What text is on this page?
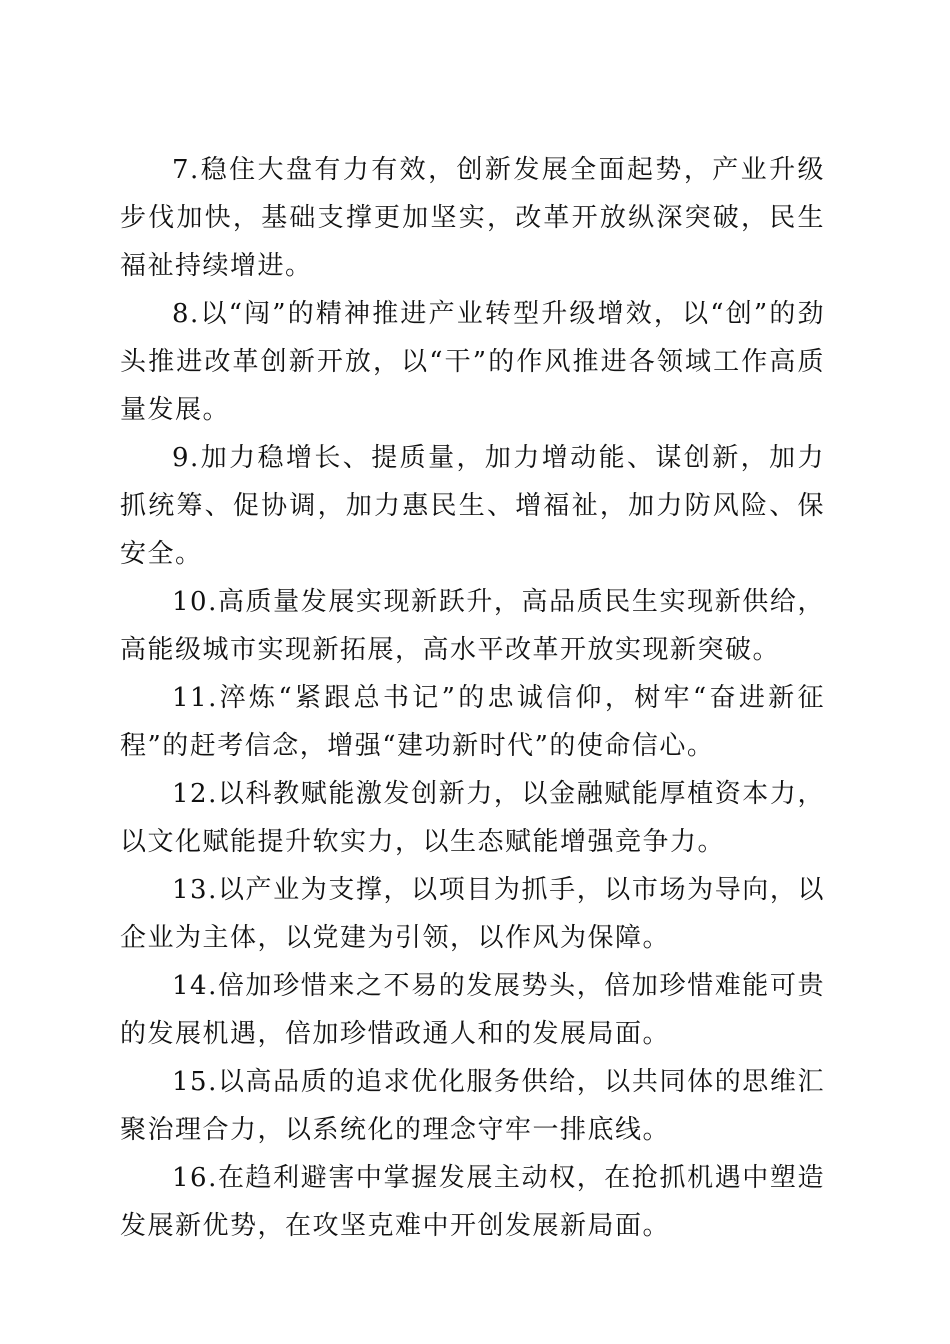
7.稳住大盘有力有效，创新发展全面起势，产业升级步伐加快，基础支撑更加坚实，改革开放纵深突破，民生福祉持续增进。

8.以“闯”的精神推进产业转型升级增效，以“创”的劲头推进改革创新开放，以“干”的作风推进各领域工作高质量发展。

9.加力稳增长、提质量，加力增动能、谋创新，加力抓统筹、促协调，加力惠民生、增福祉，加力防风险、保安全。

10.高质量发展实现新跃升，高品质民生实现新供给，高能级城市实现新拓展，高水平改革开放实现新突破。

11.淬炼“紧跟总书记”的忠诚信仰，树牢“奋进新征程”的赶考信念，增强“建功新时代”的使命信心。

12.以科教赋能激发创新力，以金融赋能厚植资本力，以文化赋能提升软实力，以生态赋能增强竞争力。

13.以产业为支撑，以项目为抓手，以市场为导向，以企业为主体，以党建为引领，以作风为保障。

14.倍加珍惜来之不易的发展势头，倍加珍惜难能可贵的发展机遇，倍加珍惜政通人和的发展局面。

15.以高品质的追求优化服务供给，以共同体的思维汇聚治理合力，以系统化的理念守牢一排底线。

16.在趋利避害中掌握发展主动权，在抢抓机遇中塑造发展新优势，在攻坚克难中开创发展新局面。
